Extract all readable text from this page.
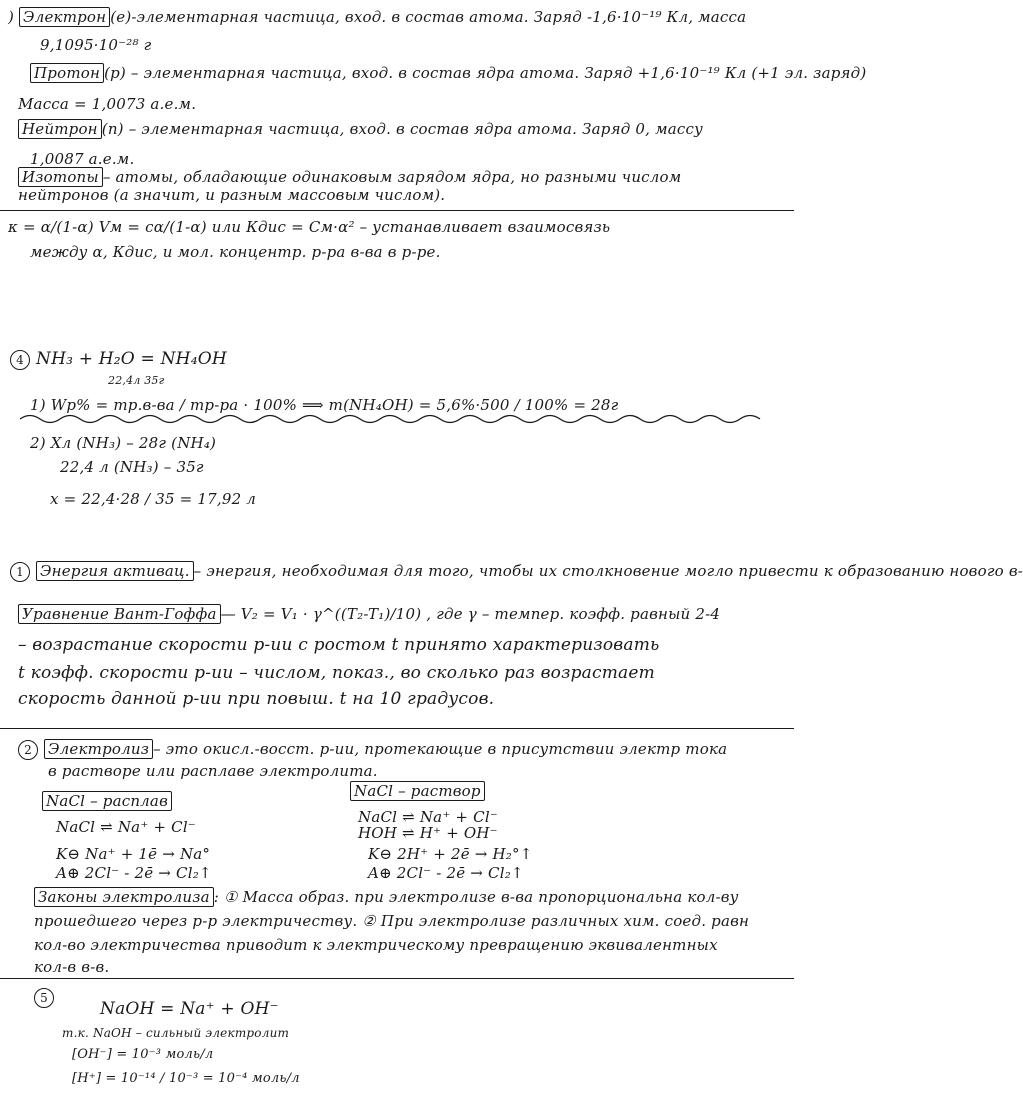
) Электрон (e)-элементарная частица, вход. в состав атома. Заряд -1,6·10⁻¹⁹ Кл, масса
9,1095·10⁻²⁸ г
Протон (p) – элементарная частица, вход. в состав ядра атома. Заряд +1,6·10⁻¹⁹ Кл (+1 эл. заряд)
Масса = 1,0073 а.е.м.
Нейтрон (n) – элементарная частица, вход. в состав ядра атома. Заряд 0, массу
1,0087 а.е.м.
Изотопы – атомы, обладающие одинаковым зарядом ядра, но разными числом
нейтронов (а значит, и разным массовым числом).
κ = α/(1-α) Vм = cα/(1-α) или Кдис = Cм·α² – устанавливает взаимосвязь
между α, Кдис, и мол. концентр. р-ра в-ва в р-ре.
4 NH₃ + H₂O = NH₄OH
22,4л 35г
1) Wр% = mр.в-ва / mр-ра · 100% ⟹ m(NH₄OH) = 5,6%·500 / 100% = 28г
2) Xл (NH₃) – 28г (NH₄)
22,4 л (NH₃) – 35г
x = 22,4·28 / 35 = 17,92 л
1 Энергия активац. – энергия, необходимая для того, чтобы их столкновение могло привести к образованию нового в-
Уравнение Вант-Гоффа — V₂ = V₁ · γ^((T₂-T₁)/10) , где γ – темпер. коэфф. равный 2-4
– возрастание скорости р-ии с ростом t принято характеризовать
t коэфф. скорости р-ии – числом, показ., во сколько раз возрастает
скорость данной р-ии при повыш. t на 10 градусов.
2 Электролиз – это окисл.-восст. р-ии, протекающие в присутствии электр тока
в растворе или расплаве электролита.
NaCl – расплав
NaCl ⇌ Na⁺ + Cl⁻
K⊖ Na⁺ + 1ē → Na°
A⊕ 2Cl⁻ - 2ē → Cl₂↑
NaCl – раствор
NaCl ⇌ Na⁺ + Cl⁻
HOH ⇌ H⁺ + OH⁻
K⊖ 2H⁺ + 2ē → H₂°↑
A⊕ 2Cl⁻ - 2ē → Cl₂↑
Законы электролиза : ① Масса образ. при электролизе в-ва пропорциональна кол-ву
прошедшего через р-р электричеству. ② При электролизе различных хим. соед. равн
кол-во электричества приводит к электрическому превращению эквивалентных
кол-в в-в.
5
NaOH = Na⁺ + OH⁻
т.к. NaOH – сильный электролит
[OH⁻] = 10⁻³ моль/л
[H⁺] = 10⁻¹⁴ / 10⁻³ = 10⁻⁴ моль/л
